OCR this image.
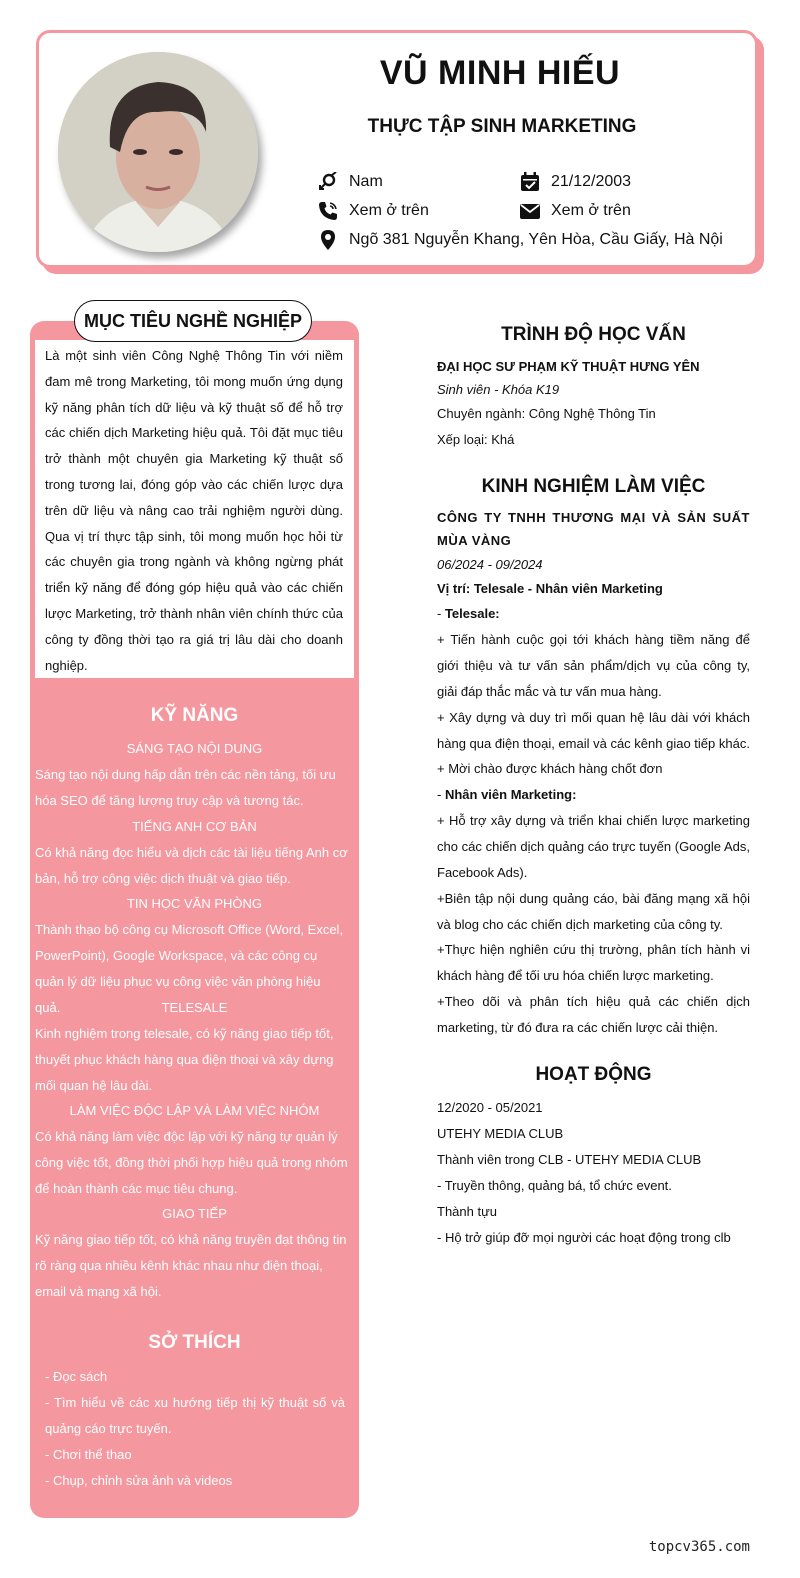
VŨ MINH HIẾU
THỰC TẬP SINH MARKETING
Nam	21/12/2003
Xem ở trên	Xem ở trên
Ngõ 381 Nguyễn Khang, Yên Hòa, Cầu Giấy, Hà Nội
MỤC TIÊU NGHỀ NGHIỆP
Là một sinh viên Công Nghệ Thông Tin với niềm đam mê trong Marketing, tôi mong muốn ứng dụng kỹ năng phân tích dữ liệu và kỹ thuật số để hỗ trợ các chiến dịch Marketing hiệu quả. Tôi đặt mục tiêu trở thành một chuyên gia Marketing kỹ thuật số trong tương lai, đóng góp vào các chiến lược dựa trên dữ liệu và nâng cao trải nghiệm người dùng. Qua vị trí thực tập sinh, tôi mong muốn học hỏi từ các chuyên gia trong ngành và không ngừng phát triển kỹ năng để đóng góp hiệu quả vào các chiến lược Marketing, trở thành nhân viên chính thức của công ty đồng thời tạo ra giá trị lâu dài cho doanh nghiệp.
KỸ NĂNG
SÁNG TẠO NỘI DUNG
Sáng tạo nội dung hấp dẫn trên các nền tảng, tối ưu hóa SEO để tăng lượng truy cập và tương tác.
TIẾNG ANH CƠ BẢN
Có khả năng đọc hiểu và dịch các tài liệu tiếng Anh cơ bản, hỗ trợ công việc dịch thuật và giao tiếp.
TIN HỌC VĂN PHÒNG
Thành thạo bộ công cụ Microsoft Office (Word, Excel, PowerPoint), Google Workspace, và các công cụ quản lý dữ liệu phục vụ công việc văn phòng hiệu quả.	TELESALE
Kinh nghiệm trong telesale, có kỹ năng giao tiếp tốt, thuyết phục khách hàng qua điện thoại và xây dựng mối quan hệ lâu dài.
LÀM VIỆC ĐỘC LẬP VÀ LÀM VIỆC NHÓM
Có khả năng làm việc độc lập với kỹ năng tự quản lý công việc tốt, đồng thời phối hợp hiệu quả trong nhóm để hoàn thành các mục tiêu chung.
GIAO TIẾP
Kỹ năng giao tiếp tốt, có khả năng truyền đạt thông tin rõ ràng qua nhiều kênh khác nhau như điện thoại, email và mạng xã hội.
SỞ THÍCH
- Đọc sách
- Tìm hiểu về các xu hướng tiếp thị kỹ thuật số và quảng cáo trực tuyến.
- Chơi thể thao
- Chụp, chỉnh sửa ảnh và videos
TRÌNH ĐỘ HỌC VẤN
ĐẠI HỌC SƯ PHẠM KỸ THUẬT HƯNG YÊN
Sinh viên - Khóa K19
Chuyên ngành: Công Nghệ Thông Tin
Xếp loại: Khá
KINH NGHIỆM LÀM VIỆC
CÔNG TY TNHH THƯƠNG MẠI VÀ SẢN SUẤT MÙA VÀNG
06/2024 - 09/2024
Vị trí: Telesale - Nhân viên Marketing
- Telesale:
+ Tiến hành cuộc gọi tới khách hàng tiềm năng để giới thiệu và tư vấn sản phẩm/dịch vụ của công ty, giải đáp thắc mắc và tư vấn mua hàng.
+ Xây dựng và duy trì mối quan hệ lâu dài với khách hàng qua điện thoại, email và các kênh giao tiếp khác.
+ Mời chào được khách hàng chốt đơn
- Nhân viên Marketing:
+ Hỗ trợ xây dựng và triển khai chiến lược marketing cho các chiến dịch quảng cáo trực tuyến (Google Ads, Facebook Ads).
+Biên tập nội dung quảng cáo, bài đăng mạng xã hội và blog cho các chiến dịch marketing của công ty.
+Thực hiện nghiên cứu thị trường, phân tích hành vi khách hàng để tối ưu hóa chiến lược marketing.
+Theo dõi và phân tích hiệu quả các chiến dịch marketing, từ đó đưa ra các chiến lược cải thiện.
HOẠT ĐỘNG
12/2020 - 05/2021
UTEHY MEDIA CLUB
Thành viên trong CLB - UTEHY MEDIA CLUB
- Truyền thông, quảng bá, tổ chức event.
Thành tựu
- Hộ trở giúp đỡ mọi người các hoạt động trong clb
topcv365.com
